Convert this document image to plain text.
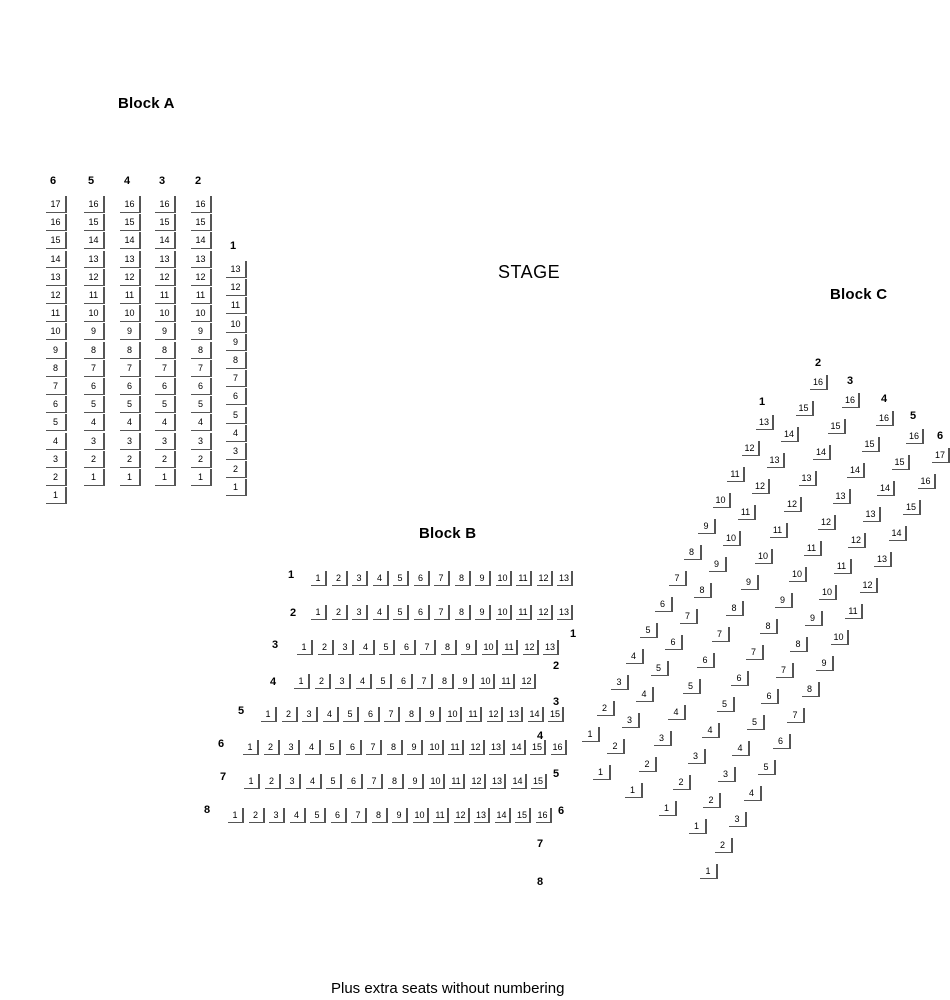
STAGE
Plus extra seats without numbering
Block A
6
17
16
15
14
13
12
11
10
9
8
7
6
5
4
3
2
1
5
16
15
14
13
12
11
10
9
8
7
6
5
4
3
2
1
4
16
15
14
13
12
11
10
9
8
7
6
5
4
3
2
1
3
16
15
14
13
12
11
10
9
8
7
6
5
4
3
2
1
2
16
15
14
13
12
11
10
9
8
7
6
5
4
3
2
1
1
13
12
11
10
9
8
7
6
5
4
3
2
1
Block B
1
1
1	2	3	4	5	6	7	8	9	10	11	12	13
2
2
1	2	3	4	5	6	7	8	9	10	11	12	13
3
3
1	2	3	4	5	6	7	8	9	10	11	12	13
4
4
1	2	3	4	5	6	7	8	9	10	11	12
5
5
1	2	3	4	5	6	7	8	9	10	11	12	13	14	15
6
6
1	2	3	4	5	6	7	8	9	10	11	12	13	14	15	16
7
7
1	2	3	4	5	6	7	8	9	10	11	12	13	14	15
8
8
1	2	3	4	5	6	7	8	9	10	11	12	13	14	15	16
Block C
1
13
12
11
10
9
8
7
6
5
4
3
2
1
2
16
15
14
13
12
11
10
9
8
7
6
5
4
3
2
1
3
16
15
14
13
12
11
10
9
8
7
6
5
4
3
2
1
4
16
15
14
13
12
11
10
9
8
7
6
5
4
3
2
1
5
16
15
14
13
12
11
10
9
8
7
6
5
4
3
2
1
6
17
16
15
14
13
12
11
10
9
8
7
6
5
4
3
2
1
